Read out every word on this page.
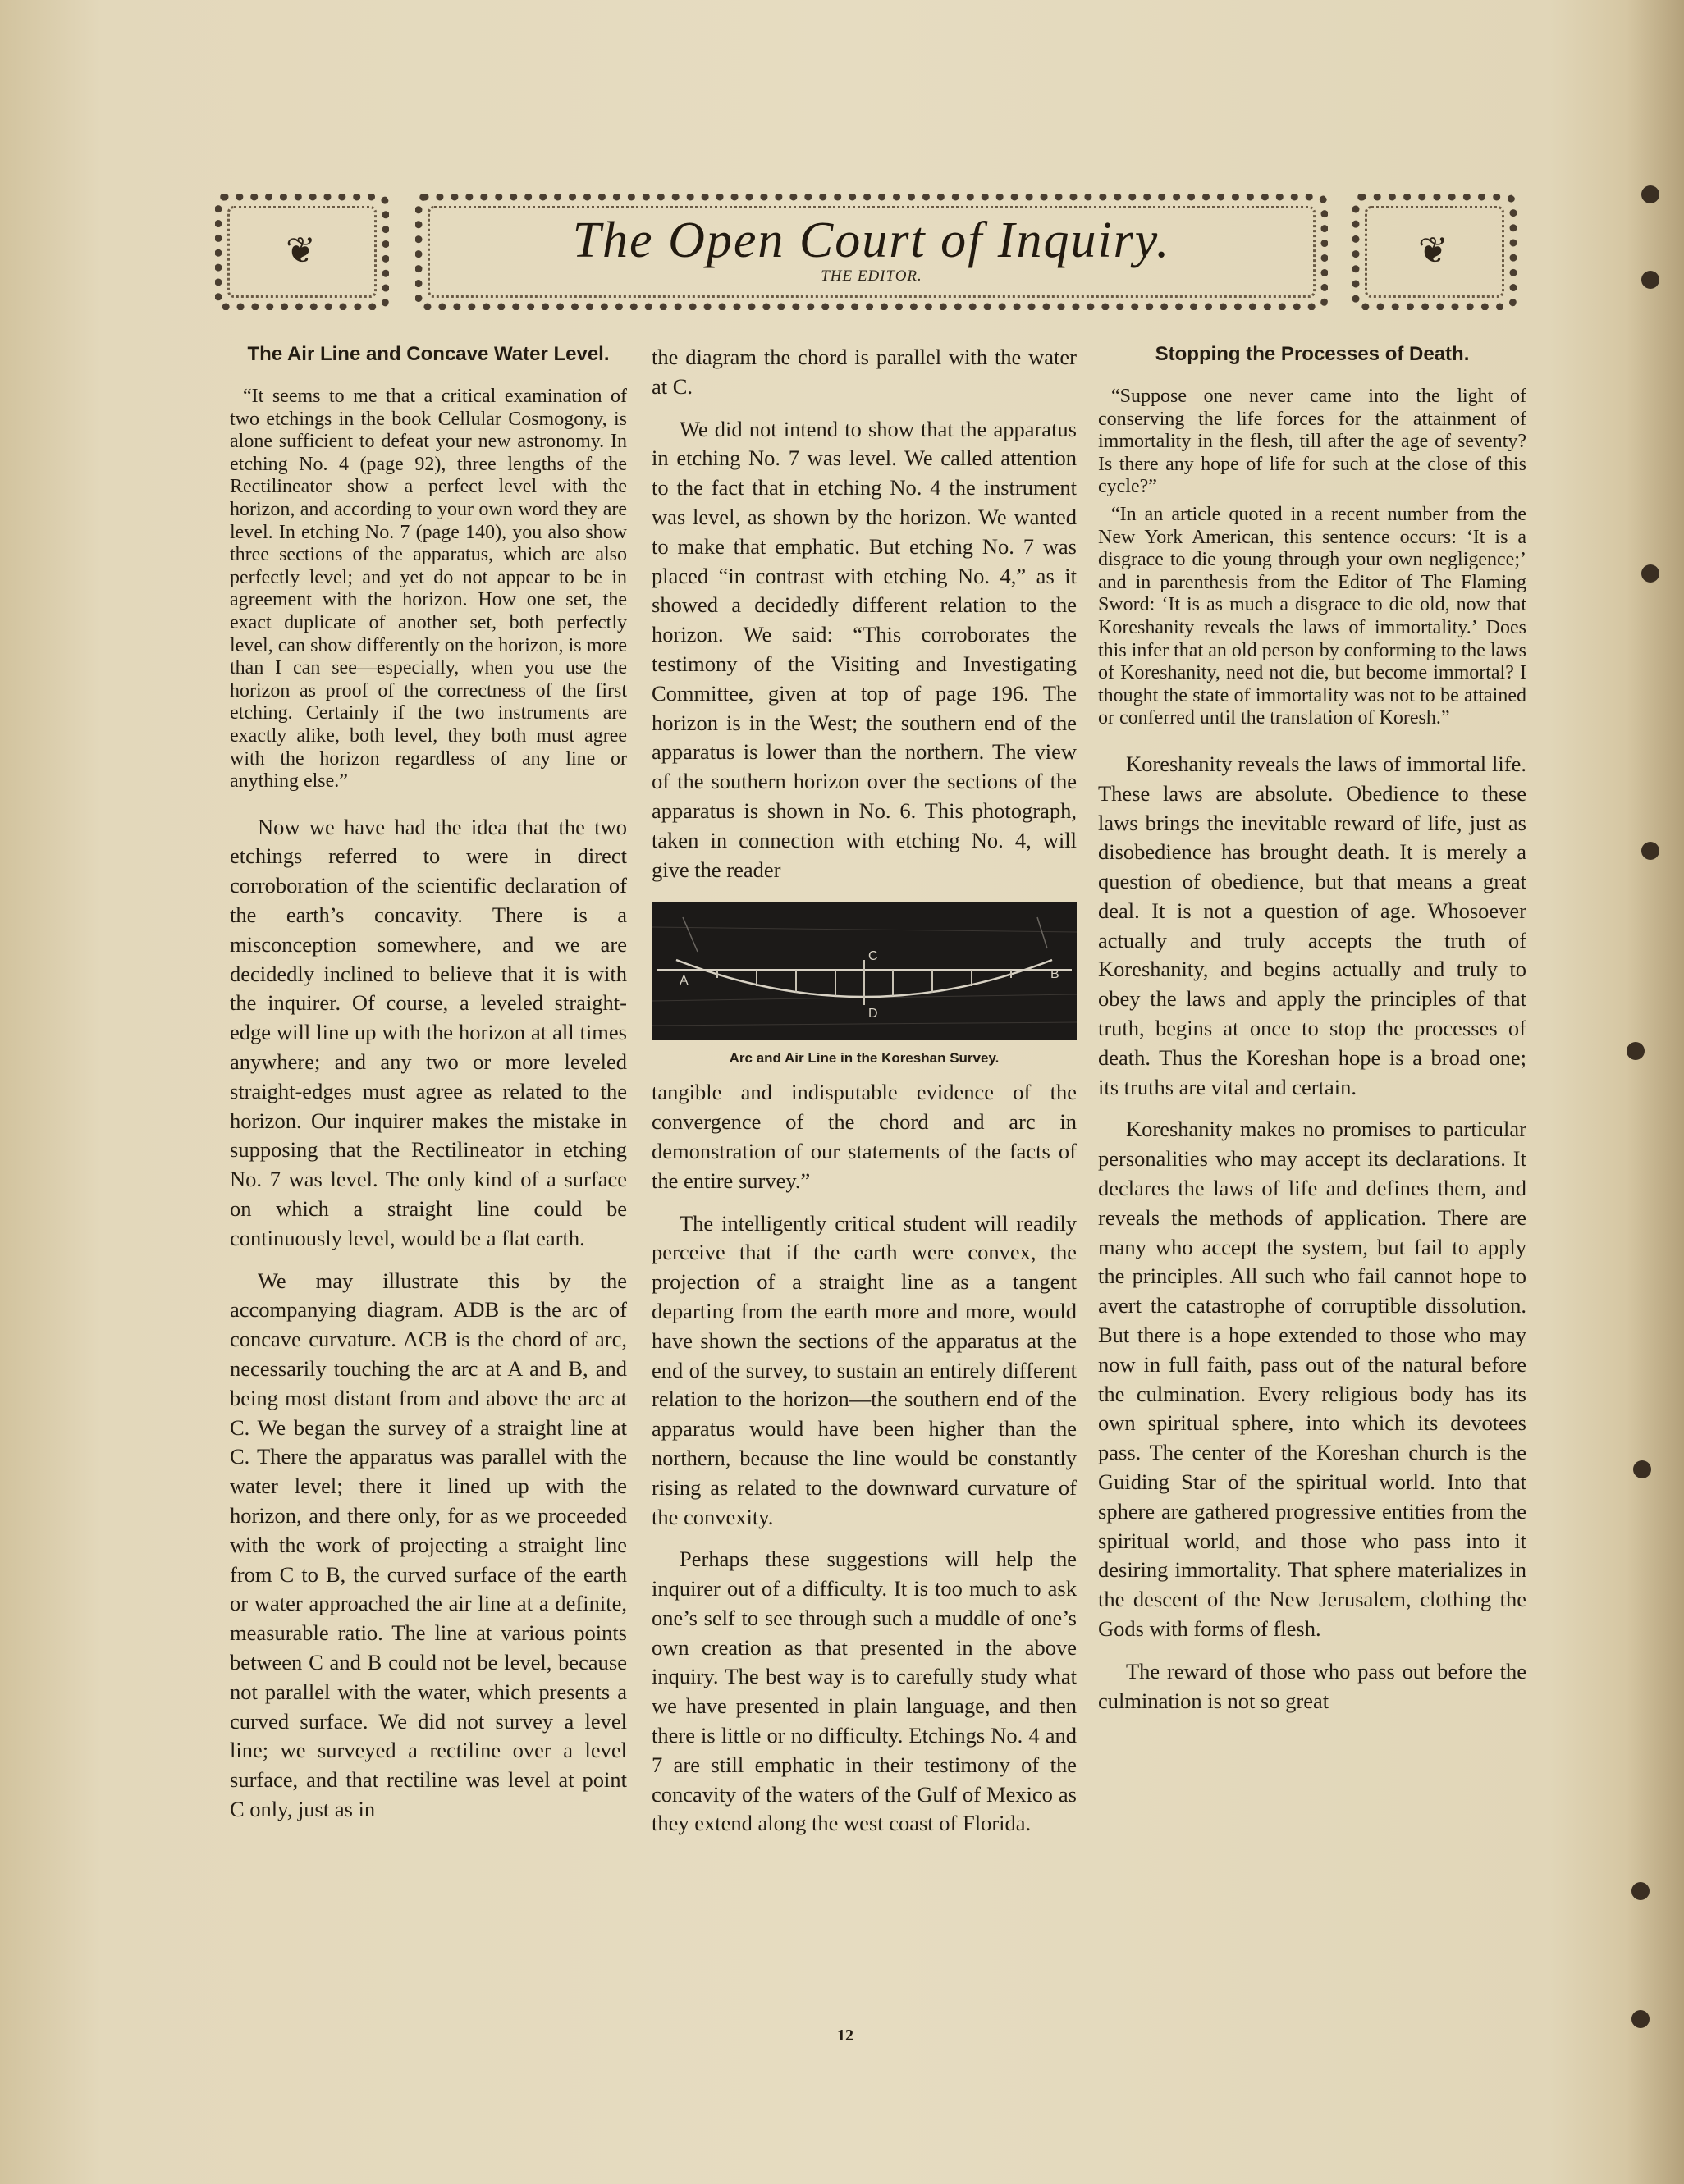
❦	❦
The Open Court of Inquiry.
THE EDITOR.
The Air Line and Concave Water Level.

“It seems to me that a critical examination of two etchings in the book Cellular Cosmogony, is alone sufficient to defeat your new astronomy. In etching No. 4 (page 92), three lengths of the Rectilineator show a perfect level with the horizon, and according to your own word they are level. In etching No. 7 (page 140), you also show three sections of the apparatus, which are also perfectly level; and yet do not appear to be in agreement with the horizon. How one set, the exact duplicate of another set, both perfectly level, can show differently on the horizon, is more than I can see—especially, when you use the horizon as proof of the correctness of the first etching. Certainly if the two instruments are exactly alike, both level, they both must agree with the horizon regardless of any line or anything else.”

Now we have had the idea that the two etchings referred to were in direct corroboration of the scientific declaration of the earth’s concavity. There is a misconception somewhere, and we are decidedly inclined to believe that it is with the inquirer. Of course, a leveled straight-edge will line up with the horizon at all times anywhere; and any two or more leveled straight-edges must agree as related to the horizon. Our inquirer makes the mistake in supposing that the Rectilineator in etching No. 7 was level. The only kind of a surface on which a straight line could be continuously level, would be a flat earth.

We may illustrate this by the accompanying diagram. ADB is the arc of concave curvature. ACB is the chord of arc, necessarily touching the arc at A and B, and being most distant from and above the arc at C. We began the survey of a straight line at C. There the apparatus was parallel with the water level; there it lined up with the horizon, and there only, for as we proceeded with the work of projecting a straight line from C to B, the curved surface of the earth or water approached the air line at a definite, measurable ratio. The line at various points between C and B could not be level, because not parallel with the water, which presents a curved surface. We did not survey a level line; we surveyed a rectiline over a level surface, and that rectiline was level at point C only, just as in

the diagram the chord is parallel with the water at C.

We did not intend to show that the apparatus in etching No. 7 was level. We called attention to the fact that in etching No. 4 the instrument was level, as shown by the horizon. We wanted to make that emphatic. But etching No. 7 was placed “in contrast with etching No. 4,” as it showed a decidedly different relation to the horizon. We said: “This corroborates the testimony of the Visiting and Investigating Committee, given at top of page 196. The horizon is in the West; the southern end of the apparatus is lower than the northern. The view of the southern horizon over the sections of the apparatus is shown in No. 6. This photograph, taken in connection with etching No. 4, will give the reader

A	B
C
D
Arc and Air Line in the Koreshan Survey.

tangible and indisputable evidence of the convergence of the chord and arc in demonstration of our statements of the facts of the entire survey.”

The intelligently critical student will readily perceive that if the earth were convex, the projection of a straight line as a tangent departing from the earth more and more, would have shown the sections of the apparatus at the end of the survey, to sustain an entirely different relation to the horizon—the southern end of the apparatus would have been higher than the northern, because the line would be constantly rising as related to the downward curvature of the convexity.

Perhaps these suggestions will help the inquirer out of a difficulty. It is too much to ask one’s self to see through such a muddle of one’s own creation as that presented in the above inquiry. The best way is to carefully study what we have presented in plain language, and then there is little or no difficulty. Etchings No. 4 and 7 are still emphatic in their testimony of the concavity of the waters of the Gulf of Mexico as they extend along the west coast of Florida.

Stopping the Processes of Death.

“Suppose one never came into the light of conserving the life forces for the attainment of immortality in the flesh, till after the age of seventy? Is there any hope of life for such at the close of this cycle?”

“In an article quoted in a recent number from the New York American, this sentence occurs: ‘It is a disgrace to die young through your own negligence;’ and in parenthesis from the Editor of The Flaming Sword: ‘It is as much a disgrace to die old, now that Koreshanity reveals the laws of immortality.’ Does this infer that an old person by conforming to the laws of Koreshanity, need not die, but become immortal? I thought the state of immortality was not to be attained or conferred until the translation of Koresh.”

Koreshanity reveals the laws of immortal life. These laws are absolute. Obedience to these laws brings the inevitable reward of life, just as disobedience has brought death. It is merely a question of obedience, but that means a great deal. It is not a question of age. Whosoever actually and truly accepts the truth of Koreshanity, and begins actually and truly to obey the laws and apply the principles of that truth, begins at once to stop the processes of death. Thus the Koreshan hope is a broad one; its truths are vital and certain.

Koreshanity makes no promises to particular personalities who may accept its declarations. It declares the laws of life and defines them, and reveals the methods of application. There are many who accept the system, but fail to apply the principles. All such who fail cannot hope to avert the catastrophe of corruptible dissolution. But there is a hope extended to those who may now in full faith, pass out of the natural before the culmination. Every religious body has its own spiritual sphere, into which its devotees pass. The center of the Koreshan church is the Guiding Star of the spiritual world. Into that sphere are gathered progressive entities from the spiritual world, and those who pass into it desiring immortality. That sphere materializes in the descent of the New Jerusalem, clothing the Gods with forms of flesh.

The reward of those who pass out before the culmination is not so great

12
